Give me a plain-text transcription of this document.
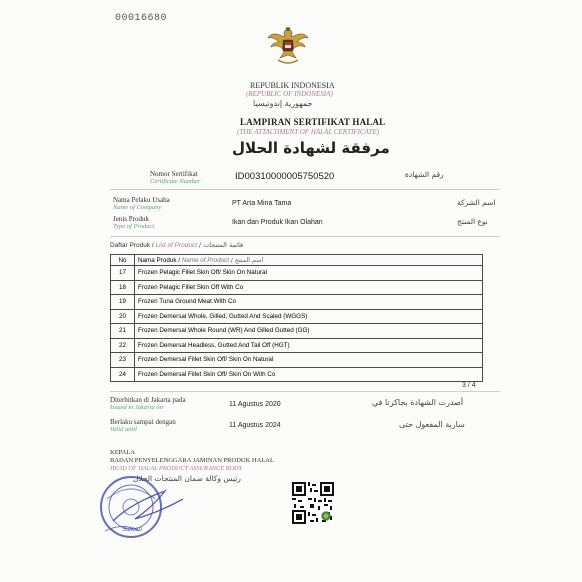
00016680
REPUBLIK INDONESIA
(REPUBLIC OF INDONESIA)
جمهورية إندونيسيا
LAMPIRAN SERTIFIKAT HALAL
(THE ATTACHMENT OF HALAL CERTIFICATE)
مرفقة لشهادة الحلال
Nomor Sertifikat
Certificate Number	ID00310000005750520	رقم الشهادة
Nama Pelaku Usaha
Name of Company
PT Arta Mina Tama	اسم الشركة
Jenis Produk
Type of Product
Ikan dan Produk Ikan Olahan	نوع المنتج
Daftar Produk / List of Product / قائمة المنتجات
No	Nama Produk / Name of Product / اسم المنتج
17	Frozen Pelagic Fillet Skin Off/ Skin On Natural
18	Frozen Pelagic Fillet Skin Off With Co
19	Frozen Tuna Ground Meat With Co
20	Frozen Demersal Whole, Gilled, Gutted And Scaled (WGGS)
21	Frozen Demersal Whole Round (WR) And Gilled Gutted (GG)
22	Frozen Demersal Headless, Gutted And Tail Off (HGT)
23	Frozen Demersal Fillet Skin Off/ Skin On Natural
24	Frozen Demersal Fillet Skin Off/ Skin On With Co
3 / 4
Diterbitkan di Jakarta pada
Issued in Jakarta on	11 Agustus 2020	أصدرت الشهادة بجاكرتا في
Berlaku sampai dengan
Valid until
11 Agustus 2024	سارية المفعول حتى
KEPALA
BADAN PENYELENGGARA JAMINAN PRODUK HALAL
HEAD OF HALAL PRODUCT ASSURANCE BODY
رئيس وكالة ضمان المنتجات الحلال
Sukoso
